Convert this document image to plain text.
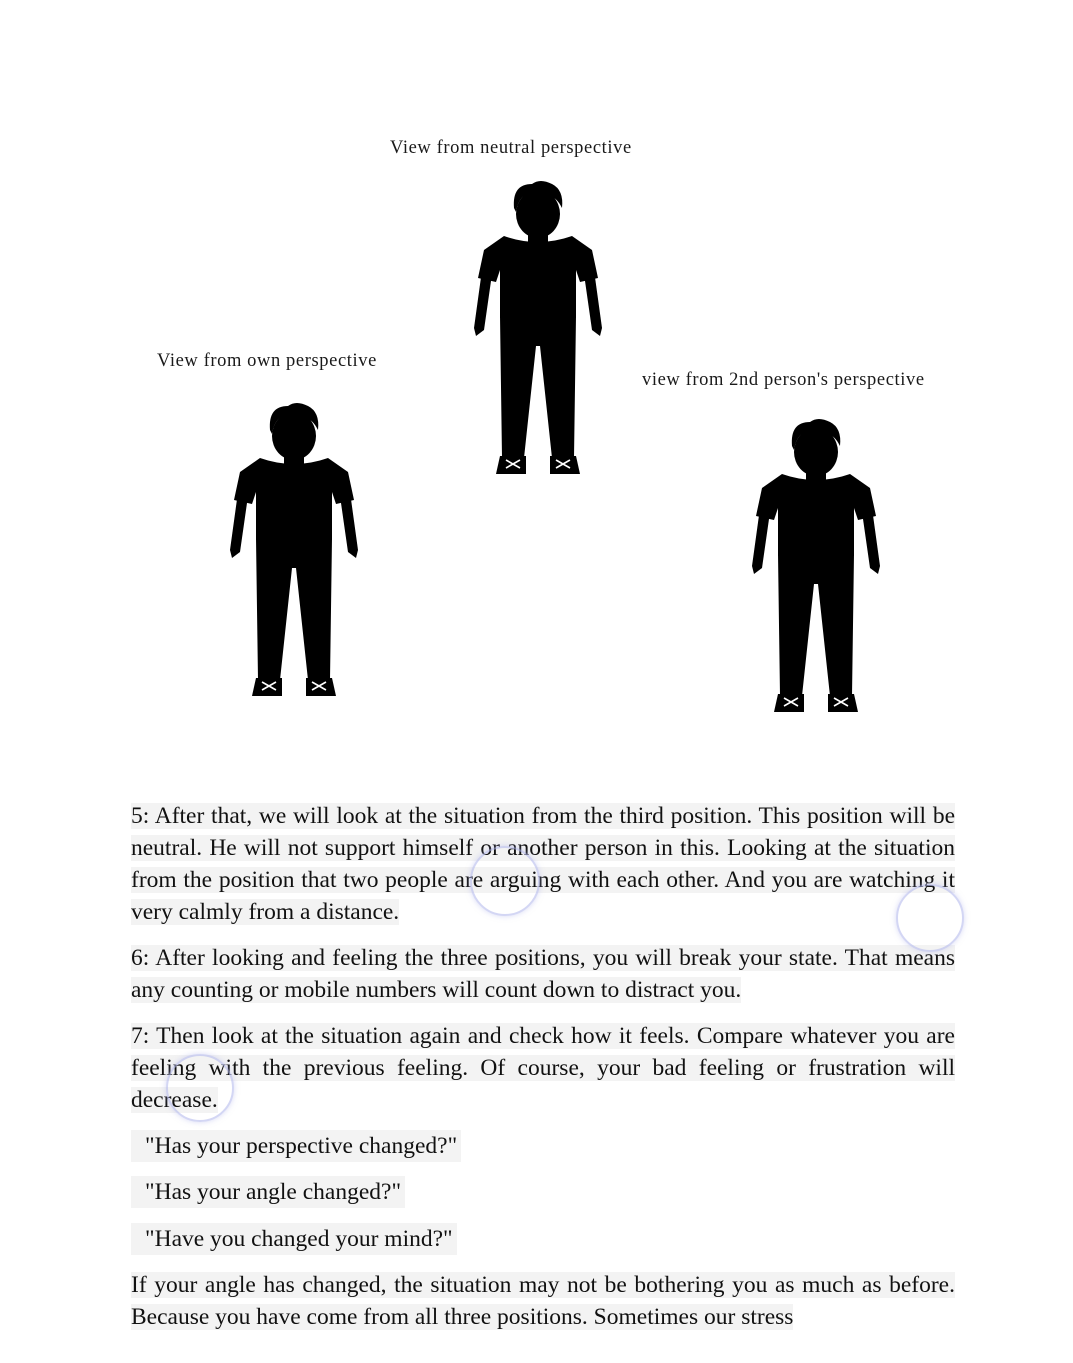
View from neutral perspective
View from own perspective
view from 2nd person's perspective

5: After that, we will look at the situation from the third position. This position will be neutral. He will not support himself or another person in this. Looking at the situation from the position that two people are arguing with each other. And you are watching it very calmly from a distance.

6: After looking and feeling the three positions, you will break your state. That means any counting or mobile numbers will count down to distract you.

7: Then look at the situation again and check how it feels. Compare whatever you are feeling with the previous feeling. Of course, your bad feeling or frustration will decrease.

"Has your perspective changed?"
"Has your angle changed?"
"Have you changed your mind?"

If your angle has changed, the situation may not be bothering you as much as before. Because you have come from all three positions. Sometimes our stress
